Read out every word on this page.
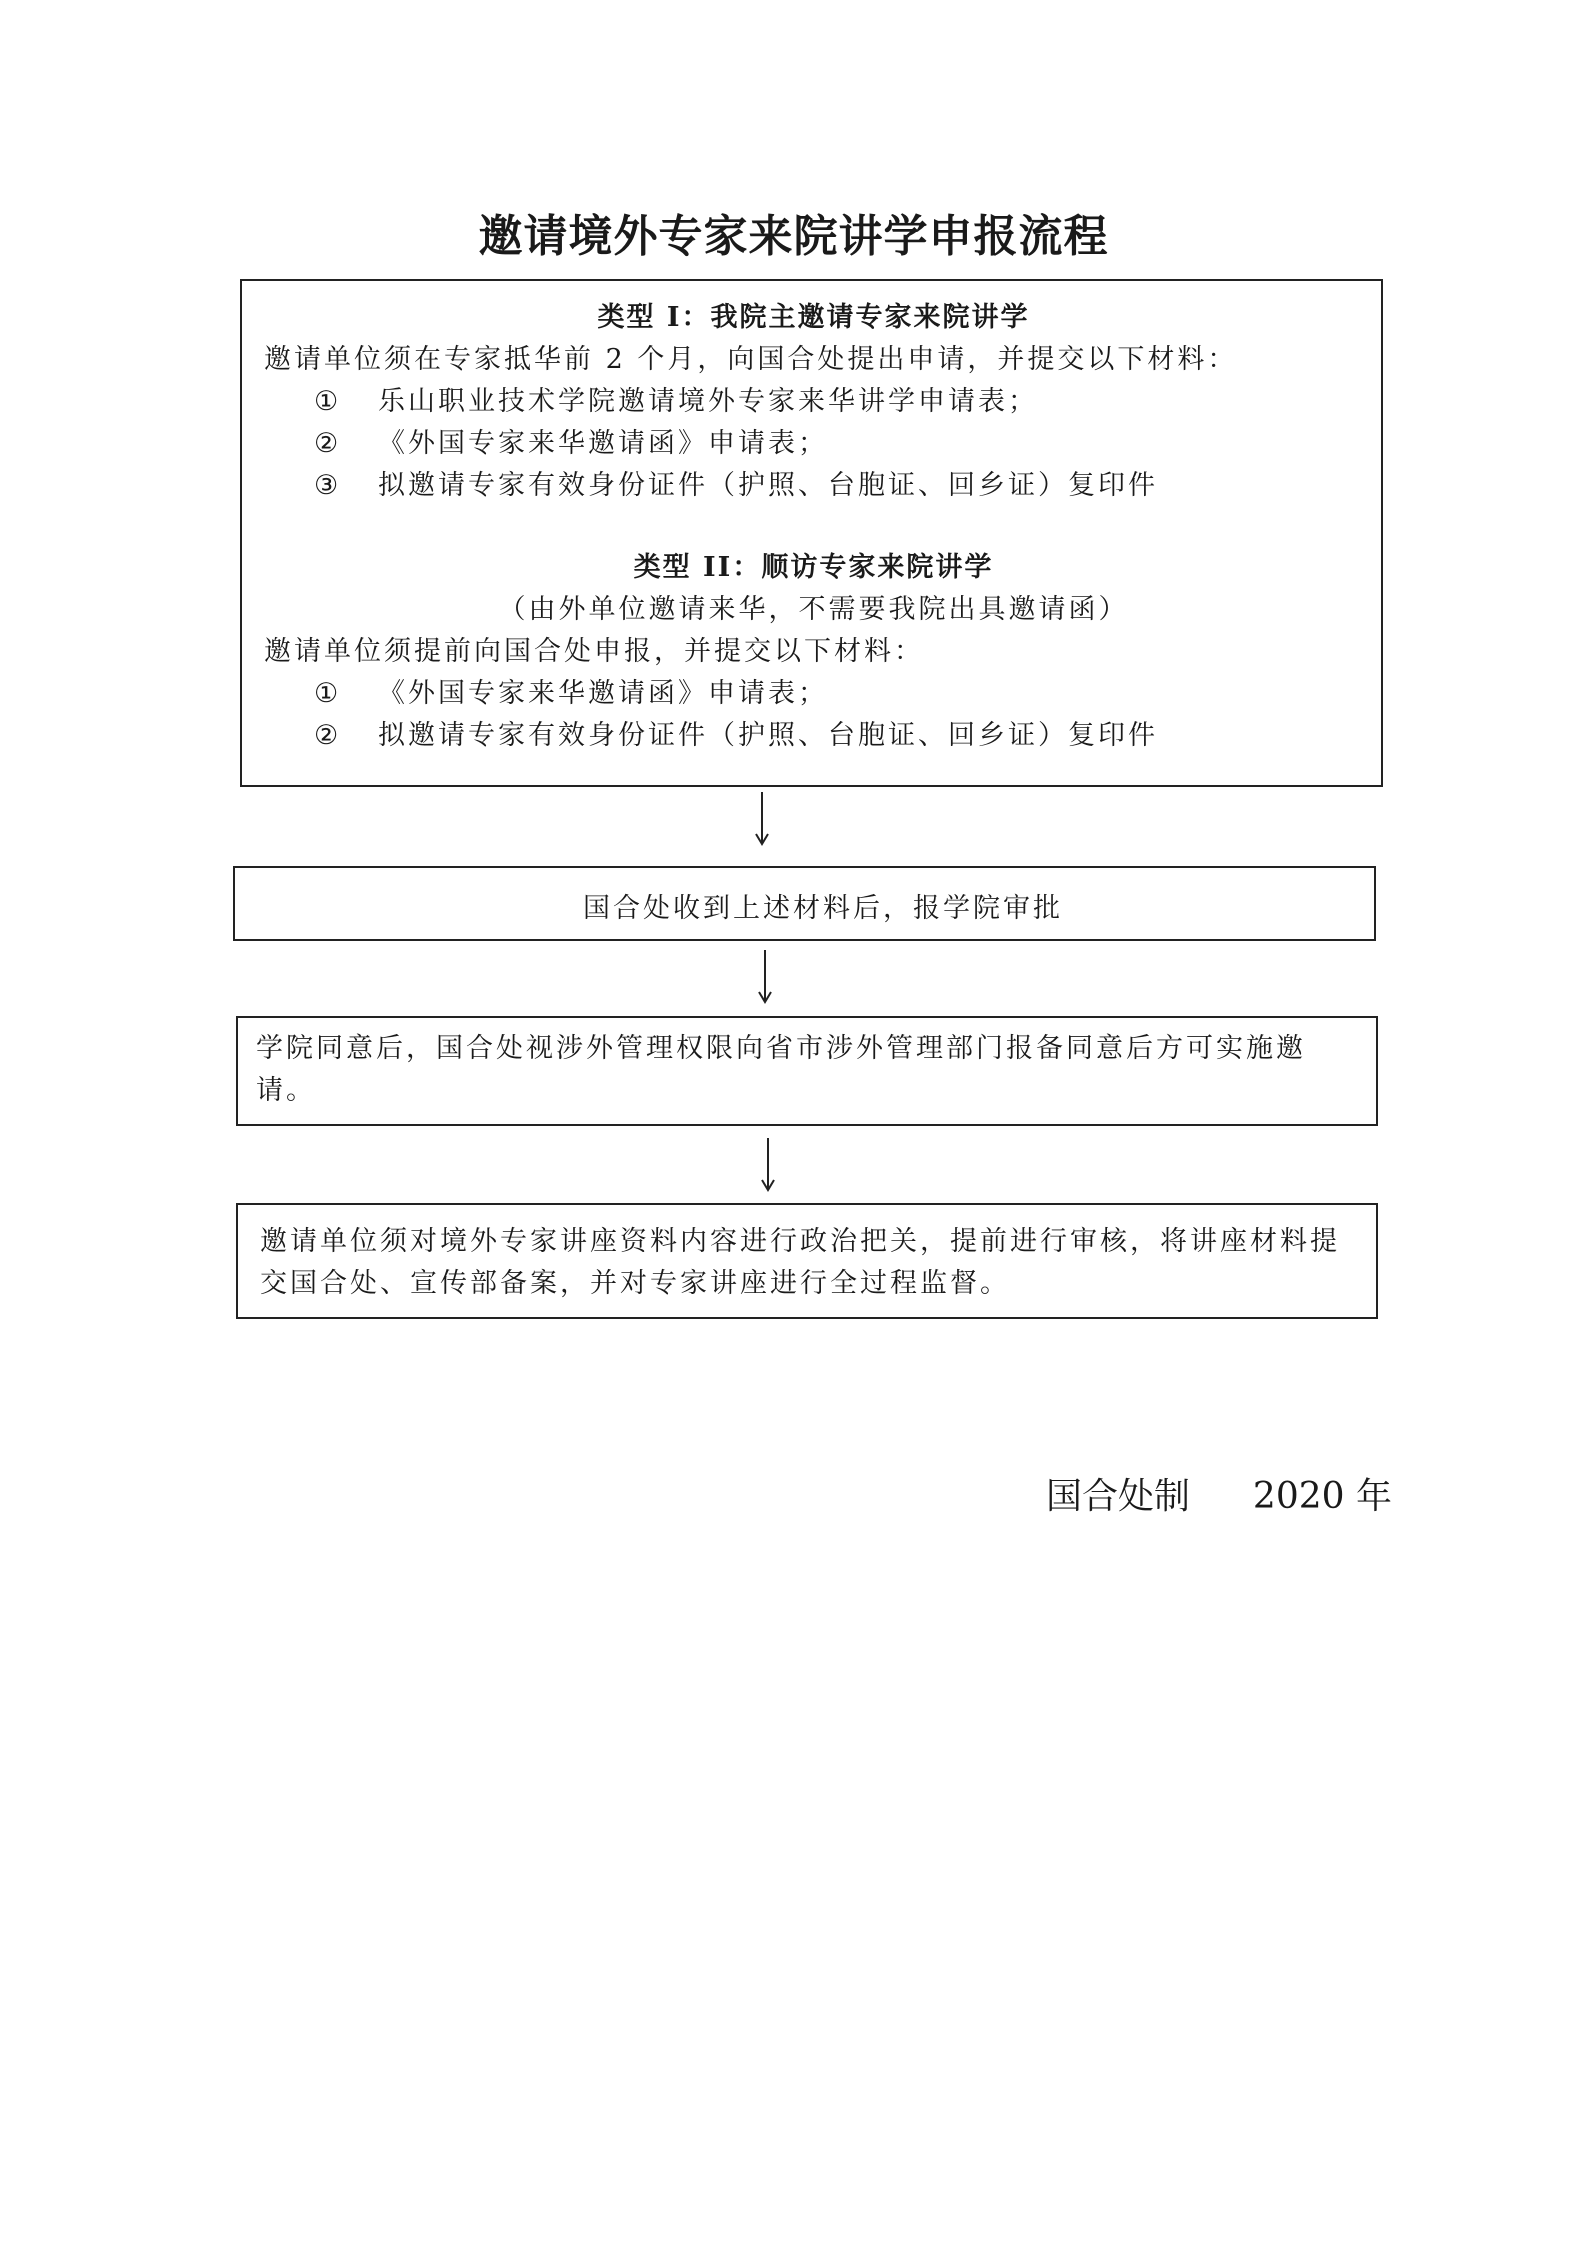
邀请境外专家来院讲学申报流程
类型 I：我院主邀请专家来院讲学
邀请单位须在专家抵华前 2 个月，向国合处提出申请，并提交以下材料：
① 乐山职业技术学院邀请境外专家来华讲学申请表；
② 《外国专家来华邀请函》申请表；
③ 拟邀请专家有效身份证件（护照、台胞证、回乡证）复印件
类型 II：顺访专家来院讲学
（由外单位邀请来华，不需要我院出具邀请函）
邀请单位须提前向国合处申报，并提交以下材料：
① 《外国专家来华邀请函》申请表；
② 拟邀请专家有效身份证件（护照、台胞证、回乡证）复印件
国合处收到上述材料后，报学院审批
学院同意后，国合处视涉外管理权限向省市涉外管理部门报备同意后方可实施邀请。
邀请单位须对境外专家讲座资料内容进行政治把关，提前进行审核，将讲座材料提交国合处、宣传部备案，并对专家讲座进行全过程监督。
国合处制 2020 年
